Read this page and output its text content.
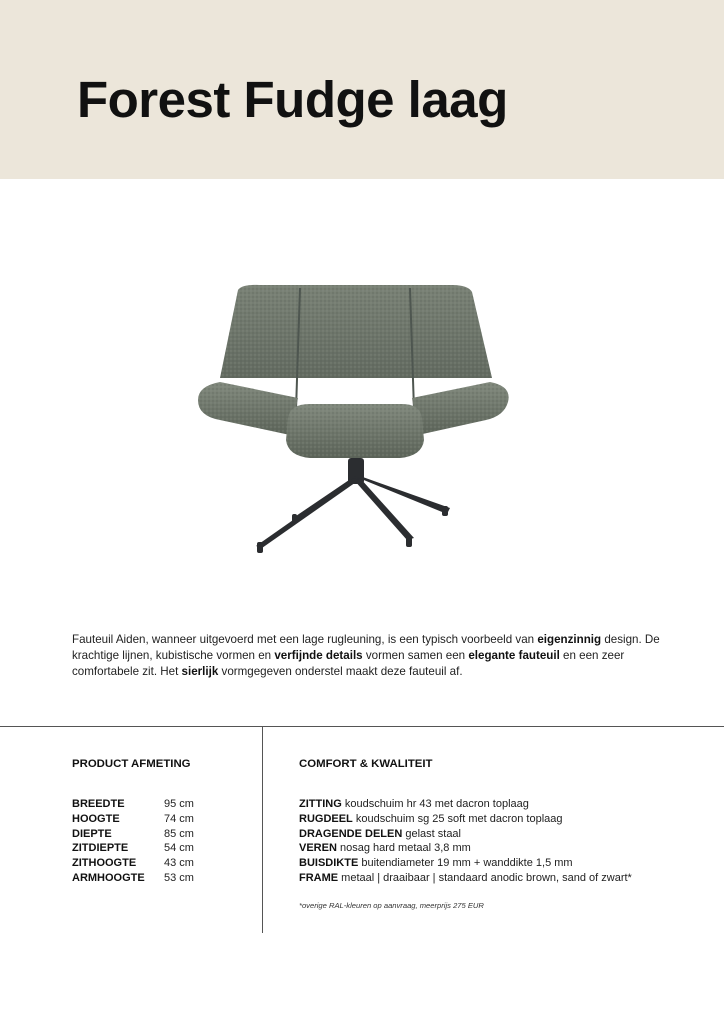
Forest Fudge laag

Fauteuil Aiden, wanneer uitgevoerd met een lage rugleuning, is een typisch voorbeeld van eigenzinnig design. De krachtige lijnen, kubistische vormen en verfijnde details vormen samen een elegante fauteuil en een zeer comfortabele zit. Het sierlijk vormgegeven onderstel maakt deze fauteuil af.

PRODUCT AFMETING	COMFORT & KWALITEIT
BREEDTE	95 cm
HOOGTE	74 cm
DIEPTE	85 cm
ZITDIEPTE	54 cm
ZITHOOGTE	43 cm
ARMHOOGTE 53 cm
ZITTING koudschuim hr 43 met dacron toplaag
RUGDEEL koudschuim sg 25 soft met dacron toplaag
DRAGENDE DELEN gelast staal
VEREN nosag hard metaal 3,8 mm
BUISDIKTE buitendiameter 19 mm + wanddikte 1,5 mm
FRAME metaal | draaibaar | standaard anodic brown, sand of zwart*

*overige RAL-kleuren op aanvraag, meerprijs 275 EUR
